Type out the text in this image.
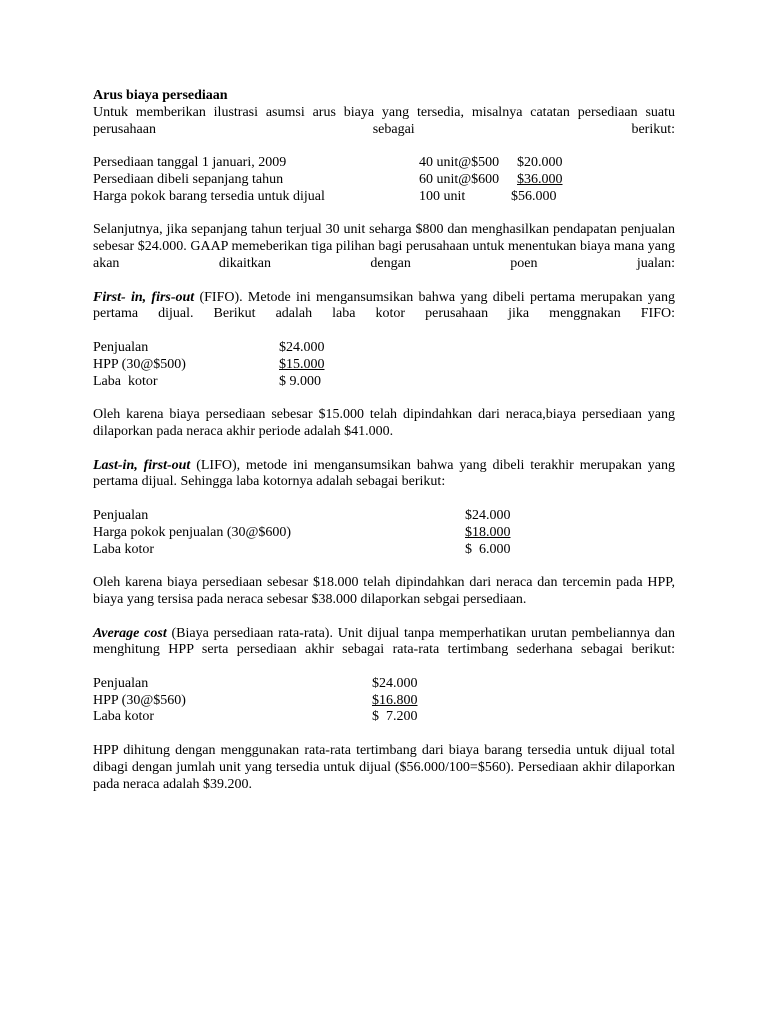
Arus biaya persediaan
Untuk memberikan ilustrasi asumsi arus biaya yang tersedia, misalnya catatan persediaan suatu perusahaan sebagai berikut:
Persediaan tanggal 1 januari, 2009	40 unit@$500 $20.000
Persediaan dibeli sepanjang tahun	60 unit@$600 $36.000
Harga pokok barang tersedia untuk dijual	100 unit	$56.000
Selanjutnya, jika sepanjang tahun terjual 30 unit seharga $800 dan menghasilkan pendapatan penjualan sebesar $24.000. GAAP memeberikan tiga pilihan bagi perusahaan untuk menentukan biaya mana yang akan dikaitkan dengan poen jualan:
First- in, firs-out (FIFO). Metode ini mengansumsikan bahwa yang dibeli pertama merupakan yang pertama dijual. Berikut adalah laba kotor perusahaan jika menggnakan FIFO:
Penjualan	$24.000
HPP (30@$500)	$15.000
Laba  kotor	$ 9.000
Oleh karena biaya persediaan sebesar $15.000 telah dipindahkan dari neraca,biaya persediaan yang dilaporkan pada neraca akhir periode adalah $41.000.
Last-in, first-out (LIFO), metode ini mengansumsikan bahwa yang dibeli terakhir merupakan yang pertama dijual. Sehingga laba kotornya adalah sebagai berikut:
Penjualan	$24.000
Harga pokok penjualan (30@$600)	$18.000
Laba kotor	$  6.000
Oleh karena biaya persediaan sebesar $18.000 telah dipindahkan dari neraca dan tercemin pada HPP, biaya yang tersisa pada neraca sebesar $38.000 dilaporkan sebgai persediaan.
Average cost (Biaya persediaan rata-rata). Unit dijual tanpa memperhatikan urutan pembeliannya dan menghitung HPP serta persediaan akhir sebagai rata-rata tertimbang sederhana sebagai berikut:
Penjualan	$24.000
HPP (30@$560)	$16.800
Laba kotor	$  7.200
HPP dihitung dengan menggunakan rata-rata tertimbang dari biaya barang tersedia untuk dijual total dibagi dengan jumlah unit yang tersedia untuk dijual ($56.000/100=$560). Persediaan akhir dilaporkan pada neraca adalah $39.200.
